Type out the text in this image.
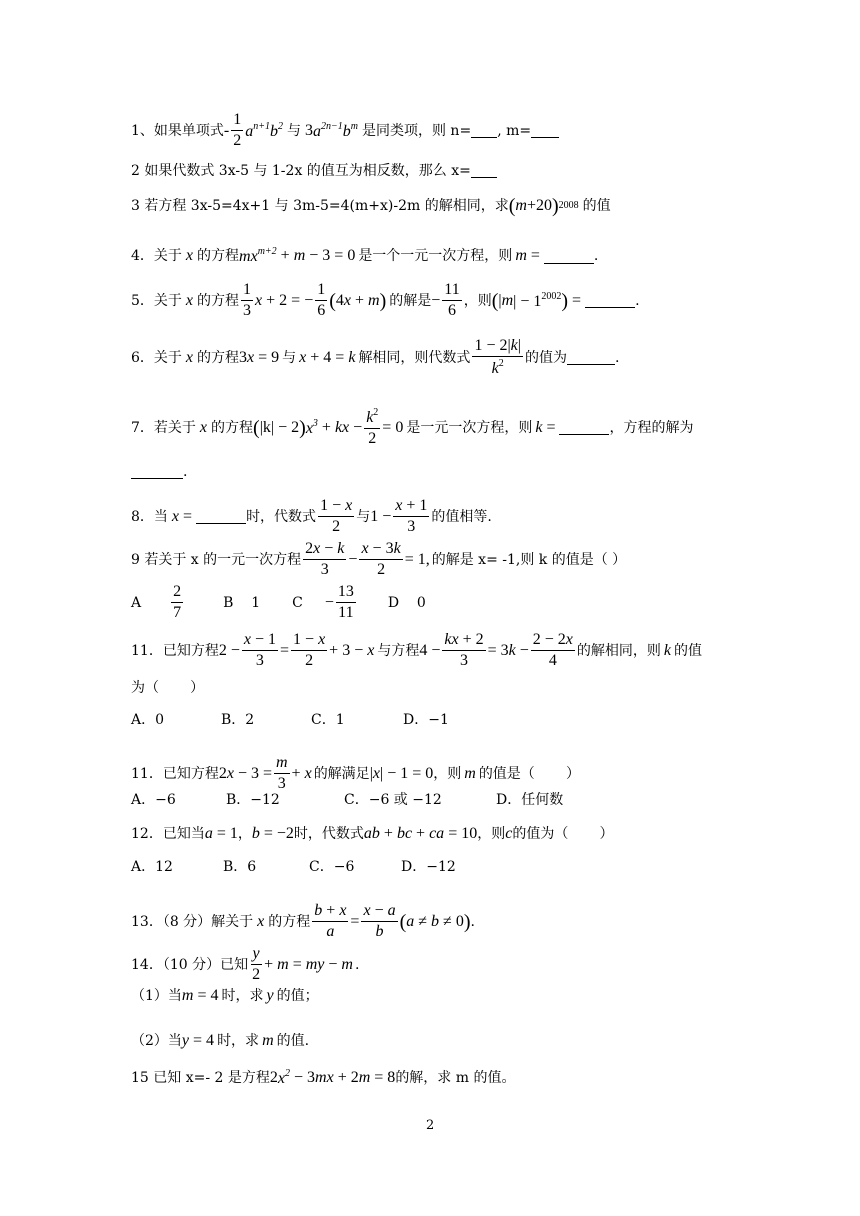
1、如果单项式 - $\frac{1}{2} a^{n+1}b^2$ 与 3 $a^{2n-1}b^m$ 是同类项，则 n= , m=
2 如果代数式 3x-5 与 1-2x 的值互为相反数，那么 x=
3 若方程 3x-5=4x+1 与 3m-5=4(m+x)-2m 的解相同，求 ( m +20 ) 2008 的值
4．关于 x 的方程 $mx^{m+2} + m - 3 = 0$ 是一个一元一次方程，则 m =	.
5．关于 x 的方程 $\frac{1}{3}$ x + 2 = − $\frac{1}{6}$ ( 4 x + m ) 的解是 − $\frac{11}{6}$ ，则 ( | m | − $1^{2002}$ ) =	.
6．关于 x 的方程 3 x = 9 与 x + 4 = k 解相同，则代数式 $\frac{1 - 2|k|}{k^2}$ 的值为	.
7．若关于 x 的方程 ( |k| − 2 ) $x^3$ + kx − $\frac{k^2}{2} = 0$ 是一元一次方程，则 k =	，方程的解为
.
8．当 x =	时，代数式 $\frac{1 - x}{2}$ 与 $1 - \frac{x + 1}{3}$ 的值相等.
9 若关于 x 的一元一次方程 $\frac{2x - k}{3} - \frac{x - 3k}{2} = 1$, 的解是 x= -1,则 k 的值是（ ）
A $\frac{2}{7}$	B    1 $C - \frac{13}{11}$ D    0
11．已知方程 $2 - \frac{x - 1}{3} = \frac{1 - x}{2} + 3 - x$ 与方程 $4 - \frac{kx + 2}{3} = 3$ $k - \frac{2 - 2x}{4}$ 的解相同，则 k 的值
为（       ）
A．0	B．2	C．1	D．−1
11．已知方程 2 $x - 3 = \frac{m}{3} + x$ 的解满足 | x | − 1 = 0 ，则 m 的值是（       ）
A．−6	B．−12	C．−6 或 −12	D．任何数
12．已知当 a = 1 ， b = −2 时，代数式 ab + bc + ca = 10 ，则 c 的值为（       ）
A．12	B．6	C．−6	D．−12
13．（8 分）解关于 x 的方程 $\frac{b + x}{a} = \frac{x - a}{b}$ ( a ≠ b ≠ 0 ) .
14．（10 分）已知 $\frac{y}{2} + m$ = my − m .
（1）当 m = 4 时，求 y 的值；
（2）当 y = 4 时，求 m 的值.
15 已知 x=- 2 是方程 2 $x^2 - 3$ mx + 2 m = 8 的解，求 m 的值。
2
